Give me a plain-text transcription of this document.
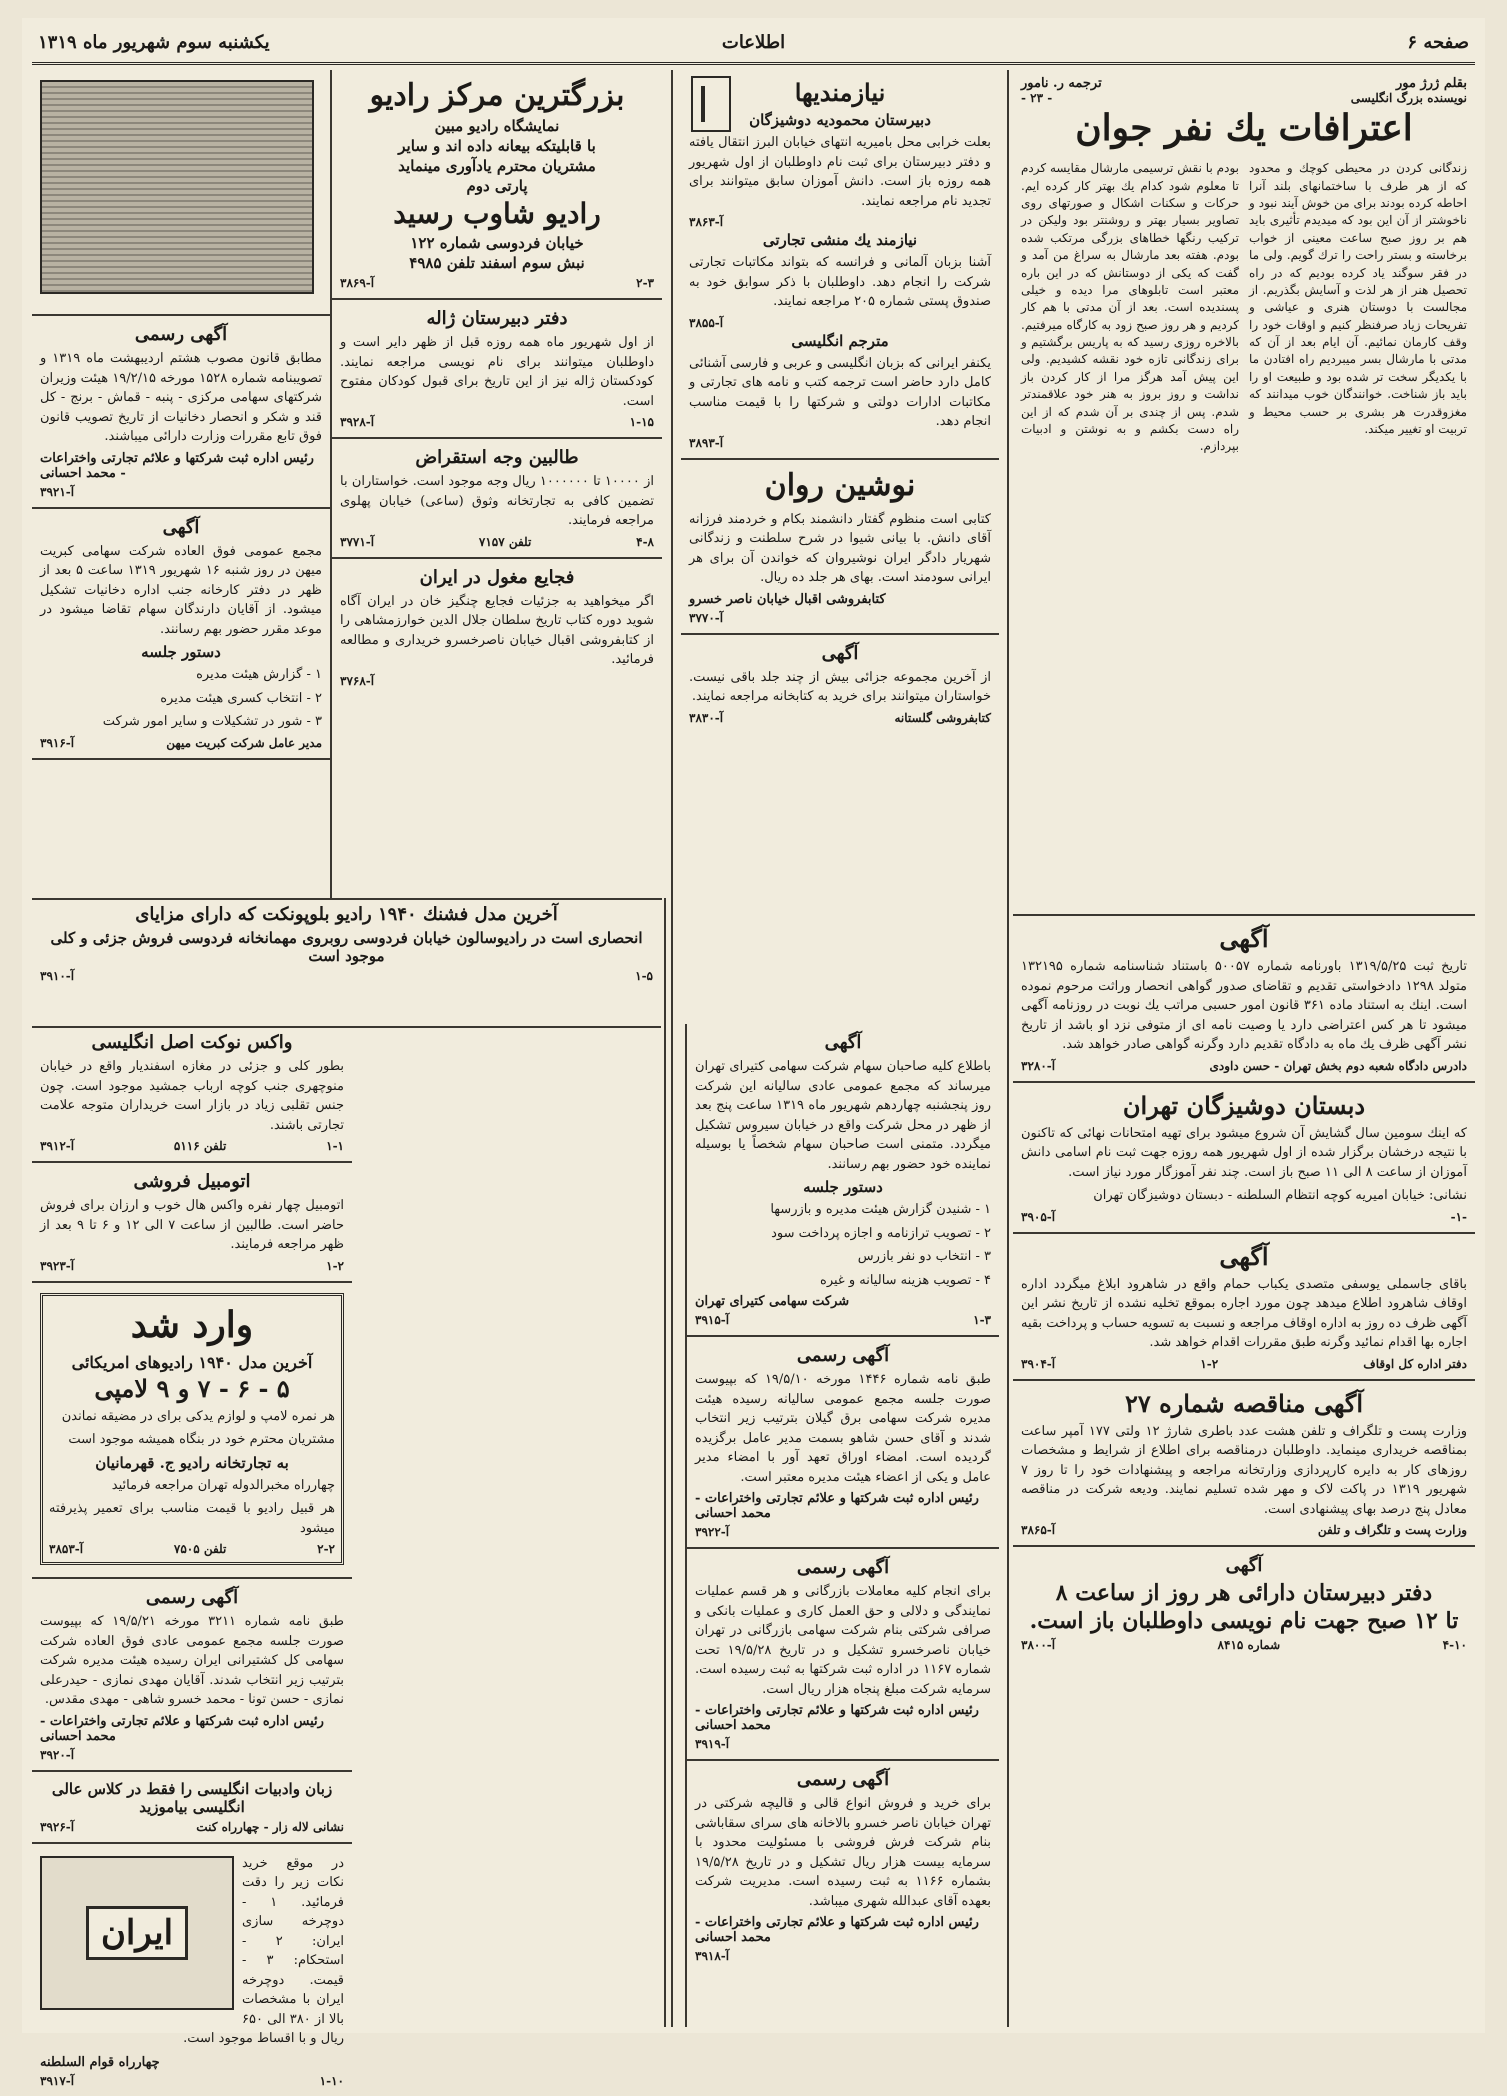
صفحه ۶
اطلاعات
یکشنبه سوم شهریور ماه ۱۳۱۹
بقلم ژرژ مور
ترجمه ر. نامور
نویسنده بزرگ انگلیسی
- ۲۳ -
اعترافات یك نفر جوان

زندگانی کردن در محیطی کوچك و محدود که از هر طرف با ساختمانهای بلند آنرا احاطه کرده بودند برای من خوش آیند نبود و ناخوشتر از آن این بود که میدیدم تأثیری باید هم بر روز صبح ساعت معینی از خواب برخاسته و بستر راحت را ترك گویم. ولی ما در فقر سوگند یاد کرده بودیم که در راه تحصیل هنر از هر لذت و آسایش بگذریم. از مجالست با دوستان هنری و عیاشی و تفریحات زیاد صرفنظر کنیم و اوقات خود را وقف کارمان نمائیم. آن ایام بعد از آن که مدتی با مارشال بسر میبردیم راه افتادن ما با یکدیگر سخت تر شده بود و طبیعت او را باید باز شناخت. خوانندگان خوب میدانند که مغزوقدرت هر بشری بر حسب محیط و تربیت او تغییر میکند.

بودم با نقش ترسیمی مارشال مقایسه کردم تا معلوم شود کدام یك بهتر کار کرده ایم. حرکات و سکنات اشکال و صورتهای روی تصاویر بسیار بهتر و روشنتر بود ولیکن در ترکیب رنگها خطاهای بزرگی مرتکب شده بودم. هفته بعد مارشال به سراغ من آمد و گفت که یکی از دوستانش که در این باره معتبر است تابلوهای مرا دیده و خیلی پسندیده است. بعد از آن مدتی با هم کار کردیم و هر روز صبح زود به کارگاه میرفتیم. بالاخره روزی رسید که به پاریس برگشتیم و برای زندگانی تازه خود نقشه کشیدیم. ولی این پیش آمد هرگز مرا از کار کردن باز نداشت و روز بروز به هنر خود علاقمندتر شدم. پس از چندی بر آن شدم که از این راه دست بکشم و به نوشتن و ادبیات بپردازم.

آگهی

تاریخ ثبت ۱۳۱۹/۵/۲۵ باورنامه شماره ۵۰۰۵۷ باستناد شناسنامه شماره ۱۳۲۱۹۵ متولد ۱۲۹۸ دادخواستی تقدیم و تقاضای صدور گواهی انحصار وراثت مرحوم نموده است. اینك به استناد ماده ۳۶۱ قانون امور حسبی مراتب یك نوبت در روزنامه آگهی میشود تا هر کس اعتراضی دارد یا وصیت نامه ای از متوفی نزد او باشد از تاریخ نشر آگهی ظرف یك ماه به دادگاه تقدیم دارد وگرنه گواهی صادر خواهد شد.

دادرس دادگاه شعبه دوم بخش تهران - حسن داودی
آ-۳۲۸۰
دبستان دوشیزگان تهران

که اینك سومین سال گشایش آن شروع میشود برای تهیه امتحانات نهائی که تاکنون با نتیجه درخشان برگزار شده از اول شهریور همه روزه جهت ثبت نام اسامی دانش آموزان از ساعت ۸ الی ۱۱ صبح باز است. چند نفر آموزگار مورد نیاز است.

نشانی: خیابان امیریه کوچه انتظام السلطنه - دبستان دوشیزگان تهران

-۱-
آ-۳۹۰۵
آگهی

باقای جاسملی یوسفی متصدی یکباب حمام واقع در شاهرود ابلاغ میگردد اداره اوقاف شاهرود اطلاع میدهد چون مورد اجاره بموقع تخلیه نشده از تاریخ نشر این آگهی ظرف ده روز به اداره اوقاف مراجعه و نسبت به تسویه حساب و پرداخت بقیه اجاره بها اقدام نمائید وگرنه طبق مقررات اقدام خواهد شد.

دفتر اداره کل اوقاف
۱-۲
آ-۳۹۰۴
آگهی مناقصه شماره ۲۷

وزارت پست و تلگراف و تلفن هشت عدد باطری شارژ ۱۲ ولتی ۱۷۷ آمپر ساعت بمناقصه خریداری مینماید. داوطلبان درمناقصه برای اطلاع از شرایط و مشخصات روزهای کار به دایره کارپردازی وزارتخانه مراجعه و پیشنهادات خود را تا روز ۷ شهریور ۱۳۱۹ در پاکت لاک و مهر شده تسلیم نمایند. ودیعه شرکت در مناقصه معادل پنج درصد بهای پیشنهادی است.

وزارت پست و تلگراف و تلفن
آ-۳۸۶۵
آگهی
دفتر دبیرستان دارائی هر روز از ساعت ۸
تا ۱۲ صبح جهت نام نویسی داوطلبان باز است.
۴-۱۰
شماره ۸۴۱۵
آ-۳۸۰۰
نیازمندیها
دبیرستان محمودیه دوشیزگان

بعلت خرابی محل بامیریه انتهای خیابان البرز انتقال یافته و دفتر دبیرستان برای ثبت نام داوطلبان از اول شهریور همه روزه باز است. دانش آموزان سابق میتوانند برای تجدید نام مراجعه نمایند.

آ-۳۸۶۳
نیازمند یك منشی تجارتی

آشنا بزبان آلمانی و فرانسه که بتواند مکاتبات تجارتی شرکت را انجام دهد. داوطلبان با ذکر سوابق خود به صندوق پستی شماره ۲۰۵ مراجعه نمایند.

آ-۳۸۵۵
مترجم انگلیسی

یکنفر ایرانی که بزبان انگلیسی و عربی و فارسی آشنائی کامل دارد حاضر است ترجمه کتب و نامه های تجارتی و مکاتبات ادارات دولتی و شرکتها را با قیمت مناسب انجام دهد.

آ-۳۸۹۳
نوشین روان

کتابی است منظوم گفتار دانشمند بکام و خردمند فرزانه آقای دانش. با بیانی شیوا در شرح سلطنت و زندگانی شهریار دادگر ایران نوشیروان که خواندن آن برای هر ایرانی سودمند است. بهای هر جلد ده ریال.

کتابفروشی اقبال خیابان ناصر خسرو
آ-۳۷۷۰
آگهی

از آخرین مجموعه جزائی بیش از چند جلد باقی نیست. خواستاران میتوانند برای خرید به کتابخانه مراجعه نمایند.

کتابفروشی گلستانه
آ-۳۸۳۰
بزرگترین مرکز رادیو
نمایشگاه رادیو مبین
با قابلیتکه بیعانه داده اند و سایر
مشتریان محترم یادآوری مینماید
پارتی دوم
رادیو شاوب رسید
خیابان فردوسی شماره ۱۲۲
نبش سوم اسفند تلفن ۴۹۸۵
۲-۳
آ-۳۸۶۹
دفتر دبیرستان ژاله

از اول شهریور ماه همه روزه قبل از ظهر دایر است و داوطلبان میتوانند برای نام نویسی مراجعه نمایند. کودکستان ژاله نیز از این تاریخ برای قبول کودکان مفتوح است.

۱-۱۵
آ-۳۹۲۸
طالبین وجه استقراض

از ۱۰۰۰۰ تا ۱۰۰۰۰۰۰ ریال وجه موجود است. خواستاران با تضمین کافی به تجارتخانه وثوق (ساعی) خیابان پهلوی مراجعه فرمایند.

۴-۸
تلفن ۷۱۵۷
آ-۳۷۷۱
فجایع مغول در ایران

اگر میخواهید به جزئیات فجایع چنگیز خان در ایران آگاه شوید دوره کتاب تاریخ سلطان جلال الدین خوارزمشاهی را از کتابفروشی اقبال خیابان ناصرخسرو خریداری و مطالعه فرمائید.

آ-۳۷۶۸
آگهی رسمی

مطابق قانون مصوب هشتم اردیبهشت ماه ۱۳۱۹ و تصویبنامه شماره ۱۵۲۸ مورخه ۱۹/۲/۱۵ هیئت وزیران شرکتهای سهامی مرکزی - پنبه - قماش - برنج - کل قند و شکر و انحصار دخانیات از تاریخ تصویب قانون فوق تابع مقررات وزارت دارائی میباشند.

رئیس اداره ثبت شرکتها و علائم تجارتی واختراعات - محمد احسانی
آ-۳۹۲۱
آگهی

مجمع عمومی فوق العاده شرکت سهامی کبریت میهن در روز شنبه ۱۶ شهریور ۱۳۱۹ ساعت ۵ بعد از ظهر در دفتر کارخانه جنب اداره دخانیات تشکیل میشود. از آقایان دارندگان سهام تقاضا میشود در موعد مقرر حضور بهم رسانند.

دستور جلسه

۱ - گزارش هیئت مدیره

۲ - انتخاب کسری هیئت مدیره

۳ - شور در تشکیلات و سایر امور شرکت

مدیر عامل شرکت کبریت میهن
آ-۳۹۱۶
آخرین مدل فشنك ۱۹۴۰ رادیو بلوپونکت که دارای مزایای

انحصاری است در رادیوسالون خیابان فردوسی روبروی مهمانخانه فردوسی فروش جزئی و کلی موجود است

۱-۵
آ-۳۹۱۰
واکس نوکت اصل انگلیسی

بطور کلی و جزئی در مغازه اسفندیار واقع در خیابان منوچهری جنب کوچه ارباب جمشید موجود است. چون جنس تقلبی زیاد در بازار است خریداران متوجه علامت تجارتی باشند.

۱-۱
تلفن ۵۱۱۶
آ-۳۹۱۲
اتومبیل فروشی

اتومبیل چهار نفره واکس هال خوب و ارزان برای فروش حاضر است. طالبین از ساعت ۷ الی ۱۲ و ۶ تا ۹ بعد از ظهر مراجعه فرمایند.

۱-۲
آ-۳۹۲۳
وارد شد
آخرین مدل ۱۹۴۰ رادیوهای امریکائی
۵ - ۶ - ۷ و ۹ لامپی

هر نمره لامپ و لوازم یدکی برای در مضیقه نماندن

مشتریان محترم خود در بنگاه همیشه موجود است

به تجارتخانه رادیو ج. قهرمانیان

چهارراه مخبرالدوله تهران مراجعه فرمائید

هر قبیل رادیو با قیمت مناسب برای تعمیر پذیرفته میشود

۲-۲
تلفن ۷۵۰۵
آ-۳۸۵۳
آگهی رسمی

طبق نامه شماره ۳۲۱۱ مورخه ۱۹/۵/۲۱ که بپیوست صورت جلسه مجمع عمومی عادی فوق العاده شرکت سهامی کل کشتیرانی ایران رسیده هیئت مدیره شرکت بترتیب زیر انتخاب شدند. آقایان مهدی نمازی - حیدرعلی نمازی - حسن تونا - محمد خسرو شاهی - مهدی مقدس.

رئیس اداره ثبت شرکتها و علائم تجارتی واختراعات - محمد احسانی
آ-۳۹۲۰
زبان وادبیات انگلیسی را فقط در کلاس عالی انگلیسی بیاموزید
نشانی لاله زار - چهارراه کنت
آ-۳۹۲۶
ایران

در موقع خرید نکات زیر را دقت فرمائید. ۱ - دوچرخه سازی ایران: ۲ - استحکام: ۳ - قیمت. دوچرخه ایران با مشخصات بالا از ۳۸۰ الی ۶۵۰ ریال و با اقساط موجود است.

چهارراه قوام السلطنه
۱-۱۰
آ-۳۹۱۷
آگهی

باطلاع کلیه صاحبان سهام شرکت سهامی کتیرای تهران میرساند که مجمع عمومی عادی سالیانه این شرکت روز پنجشنبه چهاردهم شهریور ماه ۱۳۱۹ ساعت پنج بعد از ظهر در محل شرکت واقع در خیابان سیروس تشکیل میگردد. متمنی است صاحبان سهام شخصاً یا بوسیله نماینده خود حضور بهم رسانند.

دستور جلسه

۱ - شنیدن گزارش هیئت مدیره و بازرسها

۲ - تصویب ترازنامه و اجازه پرداخت سود

۳ - انتخاب دو نفر بازرس

۴ - تصویب هزینه سالیانه و غیره

شرکت سهامی کتیرای تهران
۱-۳
آ-۳۹۱۵
آگهی رسمی

طبق نامه شماره ۱۴۴۶ مورخه ۱۹/۵/۱۰ که بپیوست صورت جلسه مجمع عمومی سالیانه رسیده هیئت مدیره شرکت سهامی برق گیلان بترتیب زیر انتخاب شدند و آقای حسن شاهو بسمت مدیر عامل برگزیده گردیده است. امضاء اوراق تعهد آور با امضاء مدیر عامل و یکی از اعضاء هیئت مدیره معتبر است.

رئیس اداره ثبت شرکتها و علائم تجارتی واختراعات - محمد احسانی
آ-۳۹۲۲
آگهی رسمی

برای انجام کلیه معاملات بازرگانی و هر قسم عملیات نمایندگی و دلالی و حق العمل کاری و عملیات بانکی و صرافی شرکتی بنام شرکت سهامی بازرگانی در تهران خیابان ناصرخسرو تشکیل و در تاریخ ۱۹/۵/۲۸ تحت شماره ۱۱۶۷ در اداره ثبت شرکتها به ثبت رسیده است. سرمایه شرکت مبلغ پنجاه هزار ریال است.

رئیس اداره ثبت شرکتها و علائم تجارتی واختراعات - محمد احسانی
آ-۳۹۱۹
آگهی رسمی

برای خرید و فروش انواع قالی و قالیچه شرکتی در تهران خیابان ناصر خسرو بالاخانه های سرای سقاباشی بنام شرکت فرش فروشی با مسئولیت محدود با سرمایه بیست هزار ریال تشکیل و در تاریخ ۱۹/۵/۲۸ بشماره ۱۱۶۶ به ثبت رسیده است. مدیریت شرکت بعهده آقای عبدالله شهری میباشد.

رئیس اداره ثبت شرکتها و علائم تجارتی واختراعات - محمد احسانی
آ-۳۹۱۸
